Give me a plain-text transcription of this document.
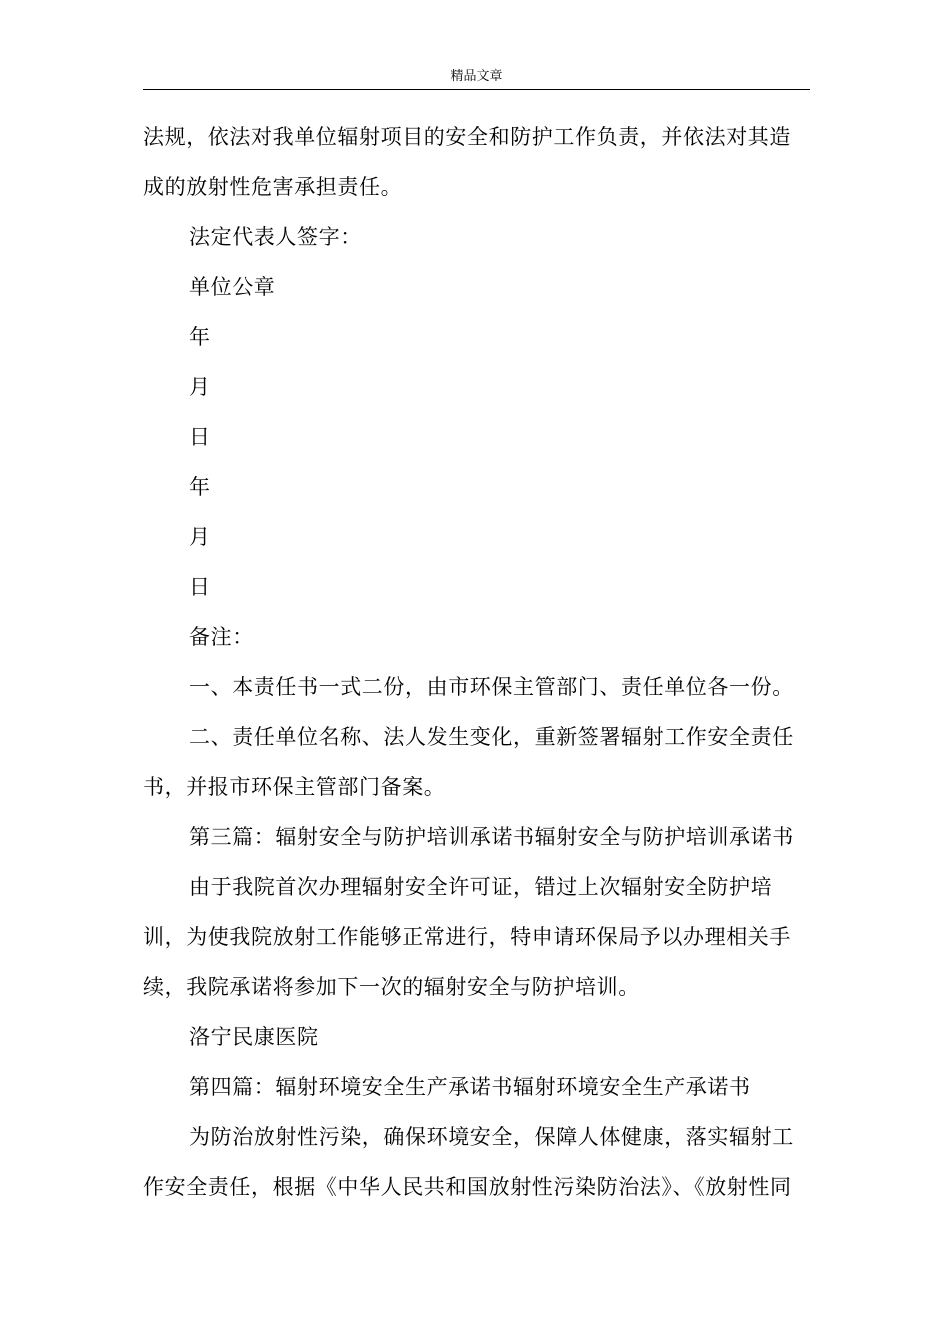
精品文章

法规，依法对我单位辐射项目的安全和防护工作负责，并依法对其造

成的放射性危害承担责任。

法定代表人签字：

单位公章

年

月

日

年

月

日

备注：

一、本责任书一式二份，由市环保主管部门、责任单位各一份。

二、责任单位名称、法人发生变化，重新签署辐射工作安全责任

书，并报市环保主管部门备案。

第三篇：辐射安全与防护培训承诺书辐射安全与防护培训承诺书

由于我院首次办理辐射安全许可证，错过上次辐射安全防护培

训，为使我院放射工作能够正常进行，特申请环保局予以办理相关手

续，我院承诺将参加下一次的辐射安全与防护培训。

洛宁民康医院

第四篇：辐射环境安全生产承诺书辐射环境安全生产承诺书

为防治放射性污染，确保环境安全，保障人体健康，落实辐射工

作安全责任，根据《中华人民共和国放射性污染防治法》、《放射性同
